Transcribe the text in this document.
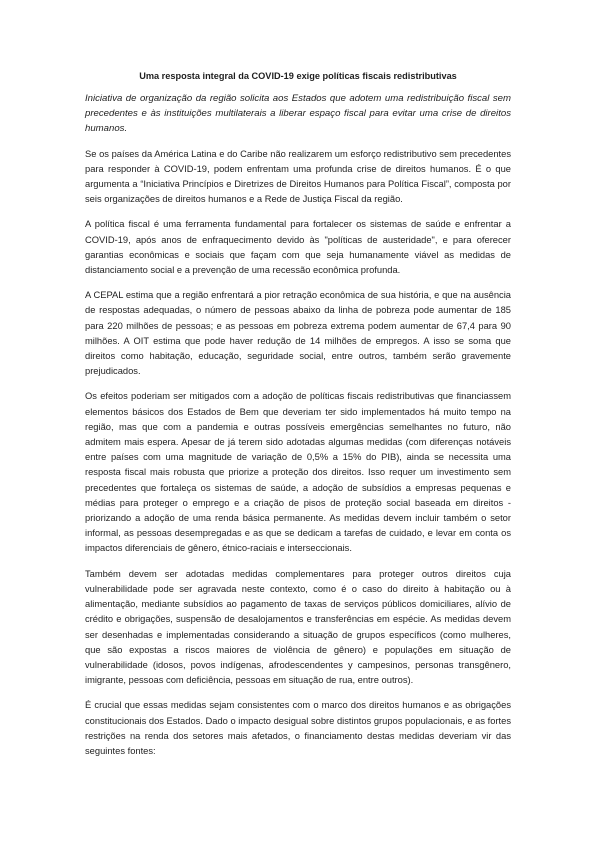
Uma resposta integral da COVID-19 exige políticas fiscais redistributivas

Iniciativa de organização da região solicita aos Estados que adotem uma redistribuição fiscal sem precedentes e às instituições multilaterais a liberar espaço fiscal para evitar uma crise de direitos humanos.

Se os países da América Latina e do Caribe não realizarem um esforço redistributivo sem precedentes para responder à COVID-19, podem enfrentam uma profunda crise de direitos humanos. É o que argumenta a “Iniciativa Princípios e Diretrizes de Direitos Humanos para Política Fiscal”, composta por seis organizações de direitos humanos e a Rede de Justiça Fiscal da região.

A política fiscal é uma ferramenta fundamental para fortalecer os sistemas de saúde e enfrentar a COVID-19, após anos de enfraquecimento devido às "políticas de austeridade", e para oferecer garantias econômicas e sociais que façam com que seja humanamente viável as medidas de distanciamento social e a prevenção de uma recessão econômica profunda.

A CEPAL estima que a região enfrentará a pior retração econômica de sua história, e que na ausência de respostas adequadas, o número de pessoas abaixo da linha de pobreza pode aumentar de 185 para 220 milhões de pessoas; e as pessoas em pobreza extrema podem aumentar de 67,4 para 90 milhões. A OIT estima que pode haver redução de 14 milhões de empregos. A isso se soma que direitos como habitação, educação, seguridade social, entre outros, também serão gravemente prejudicados.

Os efeitos poderiam ser mitigados com a adoção de políticas fiscais redistributivas que financiassem elementos básicos dos Estados de Bem que deveriam ter sido implementados há muito tempo na região, mas que com a pandemia e outras possíveis emergências semelhantes no futuro, não admitem mais espera. Apesar de já terem sido adotadas algumas medidas (com diferenças notáveis entre países com uma magnitude de variação de 0,5% a 15% do PIB), ainda se necessita uma resposta fiscal mais robusta que priorize a proteção dos direitos. Isso requer um investimento sem precedentes que fortaleça os sistemas de saúde, a adoção de subsídios a empresas pequenas e médias para proteger o emprego e a criação de pisos de proteção social baseada em direitos - priorizando a adoção de uma renda básica permanente. As medidas devem incluir também o setor informal, as pessoas desempregadas e as que se dedicam a tarefas de cuidado, e levar em conta os impactos diferenciais de gênero, étnico-raciais e interseccionais.

Também devem ser adotadas medidas complementares para proteger outros direitos cuja vulnerabilidade pode ser agravada neste contexto, como é o caso do direito à habitação ou à alimentação, mediante subsídios ao pagamento de taxas de serviços públicos domiciliares, alívio de crédito e obrigações, suspensão de desalojamentos e transferências em espécie. As medidas devem ser desenhadas e implementadas considerando a situação de grupos específicos (como mulheres, que são expostas a riscos maiores de violência de gênero) e populações em situação de vulnerabilidade (idosos, povos indígenas, afrodescendentes y campesinos, personas transgênero, imigrante, pessoas com deficiência, pessoas em situação de rua, entre outros).

É crucial que essas medidas sejam consistentes com o marco dos direitos humanos e as obrigações constitucionais dos Estados. Dado o impacto desigual sobre distintos grupos populacionais, e as fortes restrições na renda dos setores mais afetados, o financiamento destas medidas deveriam vir das seguintes fontes:
